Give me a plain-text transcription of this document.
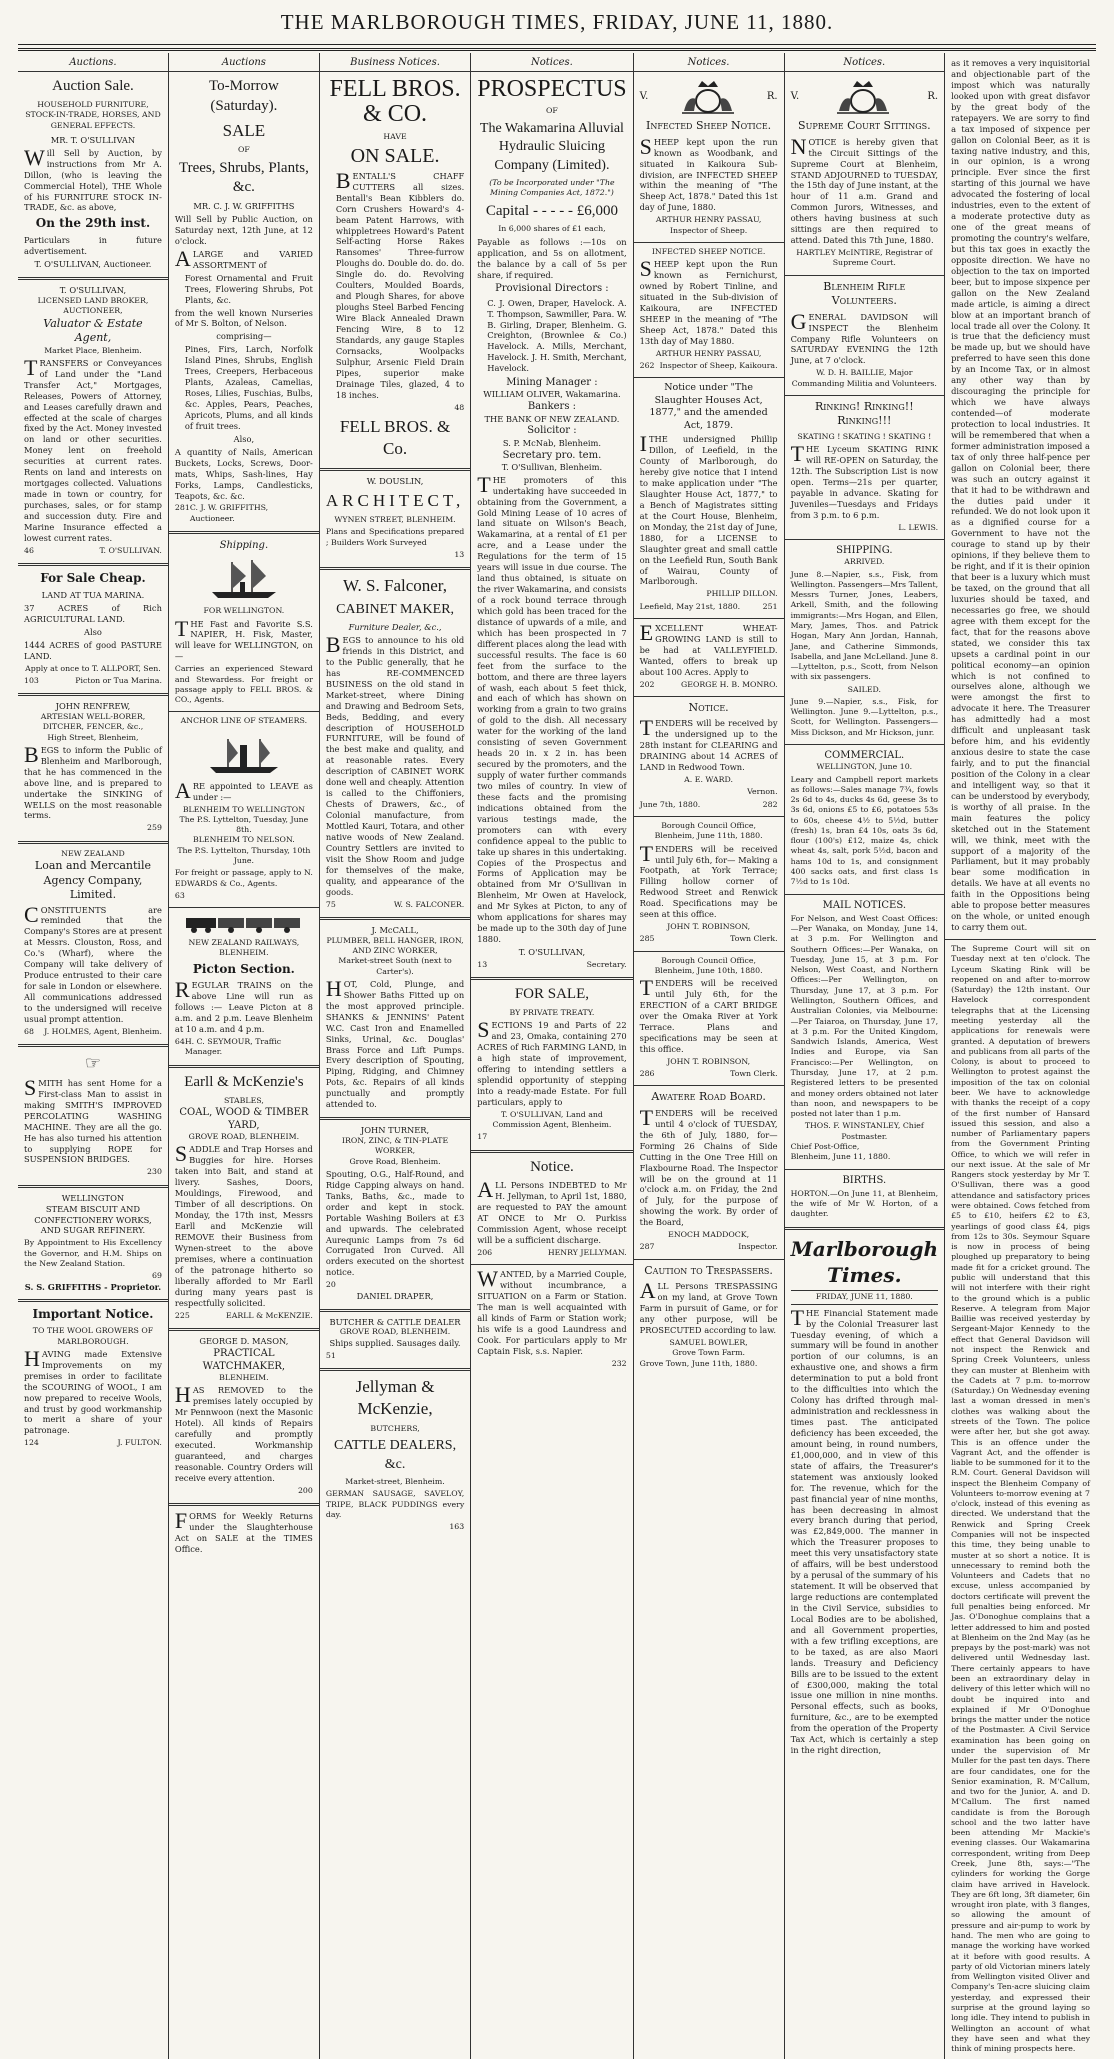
THE MARLBOROUGH TIMES, FRIDAY, JUNE 11, 1880.
Auctions.
Auction Sale.
HOUSEHOLD FURNITURE, STOCK-IN-TRADE, HORSES, AND GENERAL EFFECTS.
MR. T. O'SULLIVAN
Will Sell by Auction, by instructions from Mr A. Dillon, (who is leaving the Commercial Hotel), THE Whole of his FURNITURE STOCK IN-TRADE, &c. as above,
On the 29th inst.
Particulars in future advertisement.
T. O'SULLIVAN, Auctioneer.
T. O'SULLIVAN,
LICENSED LAND BROKER, AUCTIONEER,
Valuator & Estate Agent,
Market Place, Blenheim.
TRANSFERS or Conveyances of Land under the "Land Transfer Act," Mortgages, Releases, Powers of Attorney, and Leases carefully drawn and effected at the scale of charges fixed by the Act. Money invested on land or other securities. Money lent on freehold securities at current rates. Rents on land and interests on mortgages collected. Valuations made in town or country, for purchases, sales, or for stamp and succession duty. Fire and Marine Insurance effected a lowest current rates.
46	T. O'SULLIVAN.
For Sale Cheap.
LAND AT TUA MARINA.
37 ACRES of Rich AGRICULTURAL LAND.
Also
1444 ACRES of good PASTURE LAND.
Apply at once to T. ALLPORT, Sen.
103	Picton or Tua Marina.
JOHN RENFREW,
ARTESIAN WELL-BORER, DITCHER, FENCER, &c.,
High Street, Blenheim,
BEGS to inform the Public of Blenheim and Marlborough, that he has commenced in the above line, and is prepared to undertake the SINKING of WELLS on the most reasonable terms.
259
NEW ZEALAND
Loan and Mercantile Agency Company, Limited.
CONSTITUENTS are reminded that the Company's Stores are at present at Messrs. Clouston, Ross, and Co.'s (Wharf), where the Company will take delivery of Produce entrusted to their care for sale in London or elsewhere. All communications addressed to the undersigned will receive usual prompt attention.
68 J. HOLMES, Agent, Blenheim.
☞
SMITH has sent Home for a First-class Man to assist in making SMITH'S IMPROVED PERCOLATING WASHING MACHINE. They are all the go. He has also turned his attention to supplying ROPE for SUSPENSION BRIDGES.
230
WELLINGTON
STEAM BISCUIT AND CONFECTIONERY WORKS, AND SUGAR REFINERY.
By Appointment to His Excellency the Governor, and H.M. Ships on the New Zealand Station.
69
S. S. GRIFFITHS - Proprietor.
Important Notice.
TO THE WOOL GROWERS OF MARLBOROUGH.
HAVING made Extensive Improvements on my premises in order to facilitate the SCOURING of WOOL, I am now prepared to receive Wools, and trust by good workmanship to merit a share of your patronage.
124	J. FULTON.
Auctions
To-Morrow (Saturday).
SALE
OF
Trees, Shrubs, Plants, &c.
MR. C. J. W. GRIFFITHS
Will Sell by Public Auction, on Saturday next, 12th June, at 12 o'clock.
ALARGE and VARIED ASSORTMENT of
Forest Ornamental and Fruit Trees, Flowering Shrubs, Pot Plants, &c.
from the well known Nurseries of Mr S. Bolton, of Nelson.
comprising—
Pines, Firs, Larch, Norfolk Island Pines, Shrubs, English Trees, Creepers, Herbaceous Plants, Azaleas, Camelias, Roses, Lilies, Fuschias, Bulbs, &c. Apples, Pears, Peaches, Apricots, Plums, and all kinds of fruit trees.
Also,
A quantity of Nails, American Buckets, Locks, Screws, Door-mats, Whips, Sash-lines, Hay Forks, Lamps, Candlesticks, Teapots, &c. &c.
281 C. J. W. GRIFFITHS, Auctioneer.
Shipping.
FOR WELLINGTON.
THE Fast and Favorite S.S. NAPIER, H. Fisk, Master, will leave for WELLINGTON, on—
Carries an experienced Steward and Stewardess. For freight or passage apply to FELL BROS. & CO., Agents.
ANCHOR LINE OF STEAMERS.
ARE appointed to LEAVE as under :—
BLENHEIM TO WELLINGTON
The P.S. Lyttelton, Tuesday, June 8th.
BLENHEIM TO NELSON.
The P.S. Lyttelton, Thursday, 10th June.
For freight or passage, apply to N. EDWARDS & Co., Agents.
63
NEW ZEALAND RAILWAYS,
BLENHEIM.
Picton Section.
REGULAR TRAINS on the above Line will run as follows :— Leave Picton at 8 a.m. and 2 p.m. Leave Blenheim at 10 a.m. and 4 p.m.
64 H. C. SEYMOUR, Traffic Manager.
Earll & McKenzie's
STABLES,
COAL, WOOD & TIMBER YARD,
GROVE ROAD, BLENHEIM.
SADDLE and Trap Horses and Buggies for hire. Horses taken into Bait, and stand at livery. Sashes, Doors, Mouldings, Firewood, and Timber of all descriptions. On Monday, the 17th inst, Messrs Earll and McKenzie will REMOVE their Business from Wynen-street to the above premises, where a continuation of the patronage hitherto so liberally afforded to Mr Earll during many years past is respectfully solicited.
225	EARLL & McKENZIE.
GEORGE D. MASON,
PRACTICAL WATCHMAKER,
BLENHEIM.
HAS REMOVED to the premises lately occupied by Mr Pennwoon (next the Masonic Hotel). All kinds of Repairs carefully and promptly executed. Workmanship guaranteed, and charges reasonable. Country Orders will receive every attention.
200
FORMS for Weekly Returns under the Slaughterhouse Act on SALE at the TIMES Office.
Business Notices.
FELL BROS. & CO.
HAVE
ON SALE.
BENTALL'S CHAFF CUTTERS all sizes. Bentall's Bean Kibblers do. Corn Crushers Howard's 4-beam Patent Harrows, with whippletrees Howard's Patent Self-acting Horse Rakes Ransomes' Three-furrow Ploughs do. Double do. do. do. Single do. do. Revolving Coulters, Moulded Boards, and Plough Shares, for above ploughs Steel Barbed Fencing Wire Black Annealed Drawn Fencing Wire, 8 to 12 Standards, any gauge Staples Cornsacks, Woolpacks Sulphur, Arsenic Field Drain Pipes, superior make Drainage Tiles, glazed, 4 to 18 inches.
48
FELL BROS. & Co.
W. DOUSLIN,
ARCHITECT,
WYNEN STREET, BLENHEIM.
Plans and Specifications prepared ; Builders Work Surveyed
13
W. S. Falconer,
CABINET MAKER,
Furniture Dealer, &c.,
BEGS to announce to his old friends in this District, and to the Public generally, that he has RE-COMMENCED BUSINESS on the old stand in Market-street, where Dining and Drawing and Bedroom Sets, Beds, Bedding, and every description of HOUSEHOLD FURNITURE, will be found of the best make and quality, and at reasonable rates. Every description of CABINET WORK done well and cheaply. Attention is called to the Chiffoniers, Chests of Drawers, &c., of Colonial manufacture, from Mottled Kauri, Totara, and other native woods of New Zealand. Country Settlers are invited to visit the Show Room and judge for themselves of the make, quality, and appearance of the goods.
75	W. S. FALCONER.
J. McCALL,
PLUMBER, BELL HANGER, IRON, AND ZINC WORKER,
Market-street South (next to Carter's).
HOT, Cold, Plunge, and Shower Baths Fitted up on the most approved principle. SHANKS & JENNINS' Patent W.C. Cast Iron and Enamelled Sinks, Urinal, &c. Douglas' Brass Force and Lift Pumps. Every description of Spouting, Piping, Ridging, and Chimney Pots, &c. Repairs of all kinds punctually and promptly attended to.
JOHN TURNER,
IRON, ZINC, & TIN-PLATE WORKER,
Grove Road, Blenheim.
Spouting, O.G., Half-Round, and Ridge Capping always on hand. Tanks, Baths, &c., made to order and kept in stock. Portable Washing Boilers at £3 and upwards. The celebrated Aurequnic Lamps from 7s 6d Corrugated Iron Curved. All orders executed on the shortest notice.
20
DANIEL DRAPER,
BUTCHER & CATTLE DEALER
GROVE ROAD, BLENHEIM.
Ships supplied. Sausages daily.
51
Jellyman & McKenzie,
BUTCHERS,
CATTLE DEALERS, &c.
Market-street, Blenheim.
GERMAN SAUSAGE, SAVELOY, TRIPE, BLACK PUDDINGS every day.
163
Notices.
PROSPECTUS
OF
The Wakamarina Alluvial Hydraulic Sluicing Company (Limited).
(To be Incorporated under "The Mining Companies Act, 1872.")
Capital - - - - - £6,000
In 6,000 shares of £1 each,
Payable as follows :—10s on application, and 5s on allotment, the balance by a call of 5s per share, if required.
Provisional Directors :
C. J. Owen, Draper, Havelock. A. T. Thompson, Sawmiller, Para. W. B. Girling, Draper, Blenheim. G. Creighton, (Brownlee & Co.) Havelock. A. Mills, Merchant, Havelock. J. H. Smith, Merchant, Havelock.
Mining Manager :
WILLIAM OLIVER, Wakamarina.
Bankers :
THE BANK OF NEW ZEALAND.
Solicitor :
S. P. McNab, Blenheim.
Secretary pro. tem.
T. O'Sullivan, Blenheim.
THE promoters of this undertaking have succeeded in obtaining from the Government, a Gold Mining Lease of 10 acres of land situate on Wilson's Beach, Wakamarina, at a rental of £1 per acre, and a Lease under the Regulations for the term of 15 years will issue in due course. The land thus obtained, is situate on the river Wakamarina, and consists of a rock bound terrace through which gold has been traced for the distance of upwards of a mile, and which has been prospected in 7 different places along the lead with successful results. The face is 60 feet from the surface to the bottom, and there are three layers of wash, each about 5 feet thick, and each of which has shown on working from a grain to two grains of gold to the dish. All necessary water for the working of the land consisting of seven Government heads 20 in. x 2 in. has been secured by the promoters, and the supply of water further commands two miles of country. In view of these facts and the promising indications obtained from the various testings made, the promoters can with every confidence appeal to the public to take up shares in this undertaking. Copies of the Prospectus and Forms of Application may be obtained from Mr O'Sullivan in Blenheim, Mr Owen at Havelock, and Mr Sykes at Picton, to any of whom applications for shares may be made up to the 30th day of June 1880.
T. O'SULLIVAN,
13	Secretary.
FOR SALE,
BY PRIVATE TREATY.
SECTIONS 19 and Parts of 22 and 23, Omaka, containing 270 ACRES of Rich FARMING LAND, in a high state of improvement, offering to intending settlers a splendid opportunity of stepping into a ready-made Estate. For full particulars, apply to
T. O'SULLIVAN, Land and Commission Agent, Blenheim.
17
Notice.
ALL Persons INDEBTED to Mr H. Jellyman, to April 1st, 1880, are requested to PAY the amount AT ONCE to Mr O. Purkiss Commission Agent, whose receipt will be a sufficient discharge.
206	HENRY JELLYMAN.
WANTED, by a Married Couple, without incumbrance, a SITUATION on a Farm or Station. The man is well acquainted with all kinds of Farm or Station work; his wife is a good Laundress and Cook. For particulars apply to Mr Captain Fisk, s.s. Napier.
232
Notices.
V.	R.
Infected Sheep Notice.
SHEEP kept upon the run known as Woodbank, and situated in Kaikoura Sub-division, are INFECTED SHEEP within the meaning of "The Sheep Act, 1878." Dated this 1st day of June, 1880.
ARTHUR HENRY PASSAU, Inspector of Sheep.
INFECTED SHEEP NOTICE.
SHEEP kept upon the Run known as Fernichurst, owned by Robert Tinline, and situated in the Sub-division of Kaikoura, are INFECTED SHEEP in the meaning of "The Sheep Act, 1878." Dated this 13th day of May 1880.
ARTHUR HENRY PASSAU,
262 Inspector of Sheep, Kaikoura.
Notice under "The Slaughter Houses Act, 1877," and the amended Act, 1879.
ITHE undersigned Phillip Dillon, of Leefield, in the County of Marlborough, do hereby give notice that I intend to make application under "The Slaughter House Act, 1877," to a Bench of Magistrates sitting at the Court House, Blenheim, on Monday, the 21st day of June, 1880, for a LICENSE to Slaughter great and small cattle on the Leefield Run, South Bank of Wairau, County of Marlborough.
PHILLIP DILLON.
Leefield, May 21st, 1880.	251
EXCELLENT WHEAT-GROWING LAND is still to be had at VALLEYFIELD. Wanted, offers to break up about 100 Acres. Apply to
202	GEORGE H. B. MONRO.
Notice.
TENDERS will be received by the undersigned up to the 28th instant for CLEARING and DRAINING about 14 ACRES of LAND in Redwood Town.
A. E. WARD.
Vernon.
June 7th, 1880.	282
Borough Council Office,
Blenheim, June 11th, 1880.
TENDERS will be received until July 6th, for— Making a Footpath, at York Terrace; Filling hollow corner of Redwood Street and Renwick Road. Specifications may be seen at this office.
JOHN T. ROBINSON,
285	Town Clerk.
Borough Council Office,
Blenheim, June 10th, 1880.
TENDERS will be received until July 6th, for the ERECTION of a CART BRIDGE over the Omaka River at York Terrace. Plans and specifications may be seen at this office.
JOHN T. ROBINSON,
286	Town Clerk.
Awatere Road Board.
TENDERS will be received until 4 o'clock of TUESDAY, the 6th of July, 1880, for— Forming 26 Chains of Side Cutting in the One Tree Hill on Flaxbourne Road. The Inspector will be on the ground at 11 o'clock a.m. on Friday, the 2nd of July, for the purpose of showing the work. By order of the Board,
ENOCH MADDOCK,
287	Inspector.
Caution to Trespassers.
ALL Persons TRESPASSING on my land, at Grove Town Farm in pursuit of Game, or for any other purpose, will be PROSECUTED according to law.
SAMUEL BOWLER,
Grove Town Farm.
Grove Town, June 11th, 1880.
Notices.
V.	R.
Supreme Court Sittings.
NOTICE is hereby given that the Circuit Sittings of the Supreme Court at Blenheim, STAND ADJOURNED to TUESDAY, the 15th day of June instant, at the hour of 11 a.m. Grand and Common Jurors, Witnesses, and others having business at such sittings are then required to attend. Dated this 7th June, 1880.
HARTLEY McINTIRE, Registrar of Supreme Court.
Blenheim Rifle Volunteers.
GENERAL DAVIDSON will INSPECT the Blenheim Company Rifle Volunteers on SATURDAY EVENING the 12th June, at 7 o'clock.
W. D. H. BAILLIE, Major Commanding Militia and Volunteers.
Rinking! Rinking!! Rinking!!!
SKATING ! SKATING ! SKATING !
THE Lyceum SKATING RINK will RE-OPEN on Saturday, the 12th. The Subscription List is now open. Terms—21s per quarter, payable in advance. Skating for Juveniles—Tuesdays and Fridays from 3 p.m. to 6 p.m.
L. LEWIS.
SHIPPING.
ARRIVED.
June 8.—Napier, s.s., Fisk, from Wellington. Passengers—Mrs Tallent, Messrs Turner, Jones, Leabers, Arkell, Smith, and the following immigrants:—Mrs Hogan, and Ellen, Mary, James, Thos. and Patrick Hogan, Mary Ann Jordan, Hannah, Jane, and Catherine Simmonds, Isabella, and Jane McLelland. June 8.—Lyttelton, p.s., Scott, from Nelson with six passengers.
SAILED.
June 9.—Napier, s.s., Fisk, for Wellington. June 9.—Lyttelton, p.s., Scott, for Wellington. Passengers—Miss Dickson, and Mr Hickson, junr.
COMMERCIAL.
WELLINGTON, June 10.
Leary and Campbell report markets as follows:—Sales manage 7¾, fowls 2s 6d to 4s, ducks 4s 6d, geese 3s to 3s 6d, onions £5 to £6, potatoes 53s to 60s, cheese 4½ to 5½d, butter (fresh) 1s, bran £4 10s, oats 3s 6d, flour (100's) £12, maize 4s, chick wheat 4s, salt, pork 5½d, bacon and hams 10d to 1s, and consignment 400 sacks oats, and first class 1s 7½d to 1s 10d.
MAIL NOTICES.
For Nelson, and West Coast Offices:—Per Wanaka, on Monday, June 14, at 3 p.m. For Wellington and Southern Offices:—Per Wanaka, on Tuesday, June 15, at 3 p.m. For Nelson, West Coast, and Northern Offices:—Per Wellington, on Thursday, June 17, at 3 p.m. For Wellington, Southern Offices, and Australian Colonies, via Melbourne:—Per Taiaroa, on Thursday, June 17, at 3 p.m. For the United Kingdom, Sandwich Islands, America, West Indies and Europe, via San Francisco:—Per Wellington, on Thursday, June 17, at 2 p.m. Registered letters to be presented and money orders obtained not later than noon, and newspapers to be posted not later than 1 p.m.
THOS. F. WINSTANLEY, Chief Postmaster.
Chief Post-Office,
Blenheim, June 11, 1880.
BIRTHS.
HORTON.—On June 11, at Blenheim, the wife of Mr W. Horton, of a daughter.
Marlborough Times.
FRIDAY, JUNE 11, 1880.
THE Financial Statement made by the Colonial Treasurer last Tuesday evening, of which a summary will be found in another portion of our columns, is an exhaustive one, and shows a firm determination to put a bold front to the difficulties into which the Colony has drifted through mal-administration and recklessness in times past. The anticipated deficiency has been exceeded, the amount being, in round numbers, £1,000,000, and in view of this state of affairs, the Treasurer's statement was anxiously looked for. The revenue, which for the past financial year of nine months, has been decreasing in almost every branch during that period, was £2,849,000. The manner in which the Treasurer proposes to meet this very unsatisfactory state of affairs, will be best understood by a perusal of the summary of his statement. It will be observed that large reductions are contemplated in the Civil Service, subsidies to Local Bodies are to be abolished, and all Government properties, with a few trifling exceptions, are to be taxed, as are also Maori lands. Treasury and Deficiency Bills are to be issued to the extent of £300,000, making the total issue one million in nine months. Personal effects, such as books, furniture, &c., are to be exempted from the operation of the Property Tax Act, which is certainly a step in the right direction,
as it removes a very inquisitorial and objectionable part of the impost which was naturally looked upon with great disfavor by the great body of the ratepayers. We are sorry to find a tax imposed of sixpence per gallon on Colonial Beer, as it is taxing native industry, and this, in our opinion, is a wrong principle. Ever since the first starting of this journal we have advocated the fostering of local industries, even to the extent of a moderate protective duty as one of the great means of promoting the country's welfare, but this tax goes in exactly the opposite direction. We have no objection to the tax on imported beer, but to impose sixpence per gallon on the New Zealand made article, is aiming a direct blow at an important branch of local trade all over the Colony. It is true that the deficiency must be made up, but we should have preferred to have seen this done by an Income Tax, or in almost any other way than by discouraging the principle for which we have always contended—of moderate protection to local industries. It will be remembered that when a former administration imposed a tax of only three half-pence per gallon on Colonial beer, there was such an outcry against it that it had to be withdrawn and the duties paid under it refunded. We do not look upon it as a dignified course for a Government to have not the courage to stand up by their opinions, if they believe them to be right, and if it is their opinion that beer is a luxury which must be taxed, on the ground that all luxuries should be taxed, and necessaries go free, we should agree with them except for the fact, that for the reasons above stated, we consider this tax upsets a cardinal point in our political economy—an opinion which is not confined to ourselves alone, although we were amongst the first to advocate it here. The Treasurer has admittedly had a most difficult and unpleasant task before him, and his evidently anxious desire to state the case fairly, and to put the financial position of the Colony in a clear and intelligent way, so that it can be understood by everybody, is worthy of all praise. In the main features the policy sketched out in the Statement will, we think, meet with the support of a majority of the Parliament, but it may probably bear some modification in details. We have at all events no faith in the Oppositions being able to propose better measures on the whole, or united enough to carry them out.
The Supreme Court will sit on Tuesday next at ten o'clock. The Lyceum Skating Rink will be reopened on and after to-morrow (Saturday) the 12th instant. Our Havelock correspondent telegraphs that at the Licensing meeting yesterday all the applications for renewals were granted. A deputation of brewers and publicans from all parts of the Colony, is about to proceed to Wellington to protest against the imposition of the tax on colonial beer. We have to acknowledge with thanks the receipt of a copy of the first number of Hansard issued this session, and also a number of Parliamentary papers from the Government Printing Office, to which we will refer in our next issue. At the sale of Mr Rangers stock yesterday by Mr T. O'Sullivan, there was a good attendance and satisfactory prices were obtained. Cows fetched from £5 to £10, heifers £2 to £3, yearlings of good class £4, pigs from 12s to 30s. Seymour Square is now in process of being ploughed up preparatory to being made fit for a cricket ground. The public will understand that this will not interfere with their right to the ground which is a public Reserve. A telegram from Major Baillie was received yesterday by Sergeant-Major Kennedy to the effect that General Davidson will not inspect the Renwick and Spring Creek Volunteers, unless they can muster at Blenheim with the Cadets at 7 p.m. to-morrow (Saturday.) On Wednesday evening last a woman dressed in men's clothes was walking about the streets of the Town. The police were after her, but she got away. This is an offence under the Vagrant Act, and the offender is liable to be summoned for it to the R.M. Court. General Davidson will inspect the Blenheim Company of Volunteers to-morrow evening at 7 o'clock, instead of this evening as directed. We understand that the Renwick and Spring Creek Companies will not be inspected this time, they being unable to muster at so short a notice. It is unnecessary to remind both the Volunteers and Cadets that no excuse, unless accompanied by doctors certificate will prevent the full penalties being enforced. Mr Jas. O'Donoghue complains that a letter addressed to him and posted at Blenheim on the 2nd May (as he prepays by the post-mark) was not delivered until Wednesday last. There certainly appears to have been an extraordinary delay in delivery of this letter which will no doubt be inquired into and explained if Mr O'Donoghue brings the matter under the notice of the Postmaster. A Civil Service examination has been going on under the supervision of Mr Muller for the past ten days. There are four candidates, one for the Senior examination, R. M'Callum, and two for the Junior, A. and D. M'Callum. The first named candidate is from the Borough school and the two latter have been attending Mr Mackie's evening classes. Our Wakamarina correspondent, writing from Deep Creek, June 8th, says:—"The cylinders for working the Gorge claim have arrived in Havelock. They are 6ft long, 3ft diameter, 6in wrought iron plate, with 3 flanges, so allowing the amount of pressure and air-pump to work by hand. The men who are going to manage the working have worked at it before with good results. A party of old Victorian miners lately from Wellington visited Oliver and Company's Ten-acre sluicing claim yesterday, and expressed their surprise at the ground laying so long idle. They intend to publish in Wellington an account of what they have seen and what they think of mining prospects here.
